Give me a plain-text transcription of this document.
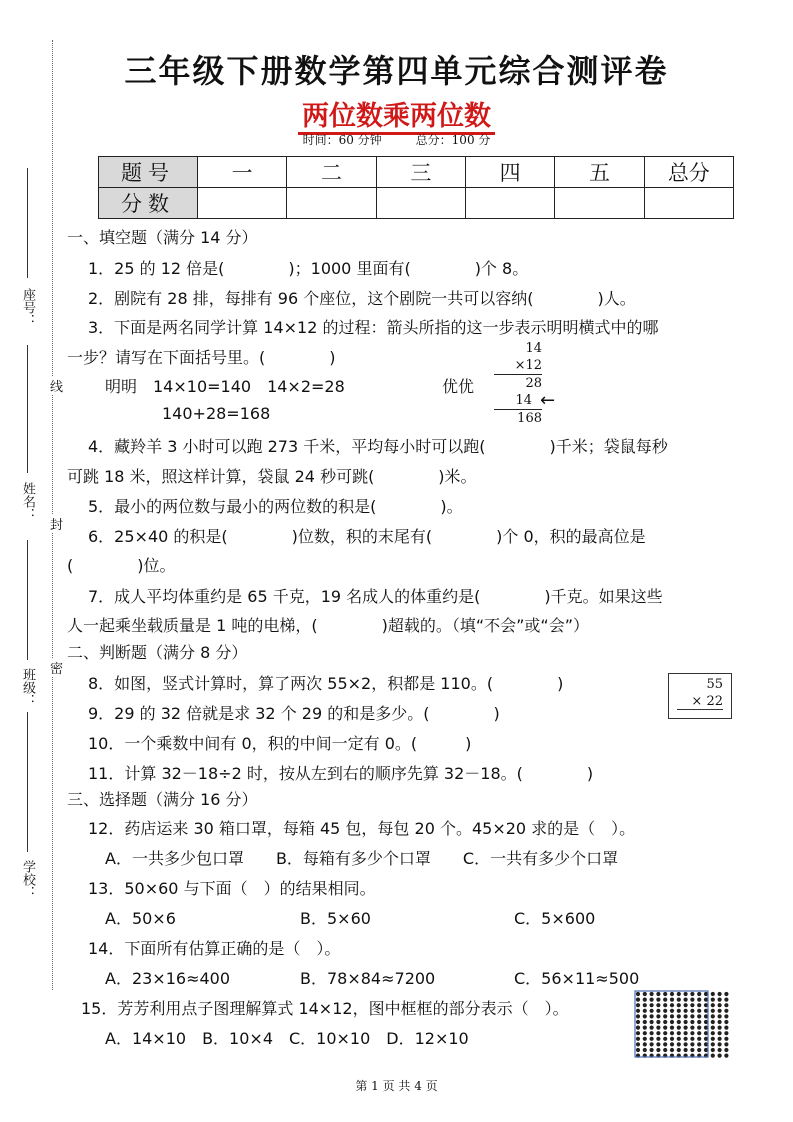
三年级下册数学第四单元综合测评卷
两位数乘两位数
时间：60 分钟	总分：100 分
题号	一	二	三	四	五	总分
分数						
线
封
密
座号：
姓名：
班级：
学校：
一、填空题（满分 14 分）
1．25 的 12 倍是(　　　　)；1000 里面有(　　　　)个 8。
2．剧院有 28 排，每排有 96 个座位，这个剧院一共可以容纳(　　　　)人。
3．下面是两名同学计算 14×12 的过程：箭头所指的这一步表示明明横式中的哪
一步？请写在下面括号里。(　　　　)
明明　14×10=140　14×2=28	优优
140+28=168
14
×12
28
14
168
←
4．藏羚羊 3 小时可以跑 273 千米，平均每小时可以跑(　　　　)千米；袋鼠每秒
可跳 18 米，照这样计算，袋鼠 24 秒可跳(　　　　)米。
5．最小的两位数与最小的两位数的积是(　　　　)。
6．25×40 的积是(　　　　)位数，积的末尾有(　　　　)个 0，积的最高位是
(　　　　)位。
7．成人平均体重约是 65 千克，19 名成人的体重约是(　　　　)千克。如果这些
人一起乘坐载质量是 1 吨的电梯，(　　　　)超载的。（填“不会”或“会”）
二、判断题（满分 8 分）
8．如图，竖式计算时，算了两次 55×2，积都是 110。(　　　　)	55
× 22
9．29 的 32 倍就是求 32 个 29 的和是多少。(　　　　)
10．一个乘数中间有 0，积的中间一定有 0。(　　　)
11．计算 32－18÷2 时，按从左到右的顺序先算 32－18。(　　　　)
三、选择题（满分 16 分）
12．药店运来 30 箱口罩，每箱 45 包，每包 20 个。45×20 求的是（　）。
A．一共多少包口罩　　B．每箱有多少个口罩　　C．一共有多少个口罩
13．50×60 与下面（　）的结果相同。
A．50×6	B．5×60	C．5×600
14．下面所有估算正确的是（　）。
A．23×16≈400	B．78×84≈7200	C．56×11≈500
15．芳芳利用点子图理解算式 14×12，图中框框的部分表示（　）。
A．14×10　B．10×4　C．10×10　D．12×10
第 1 页 共 4 页
